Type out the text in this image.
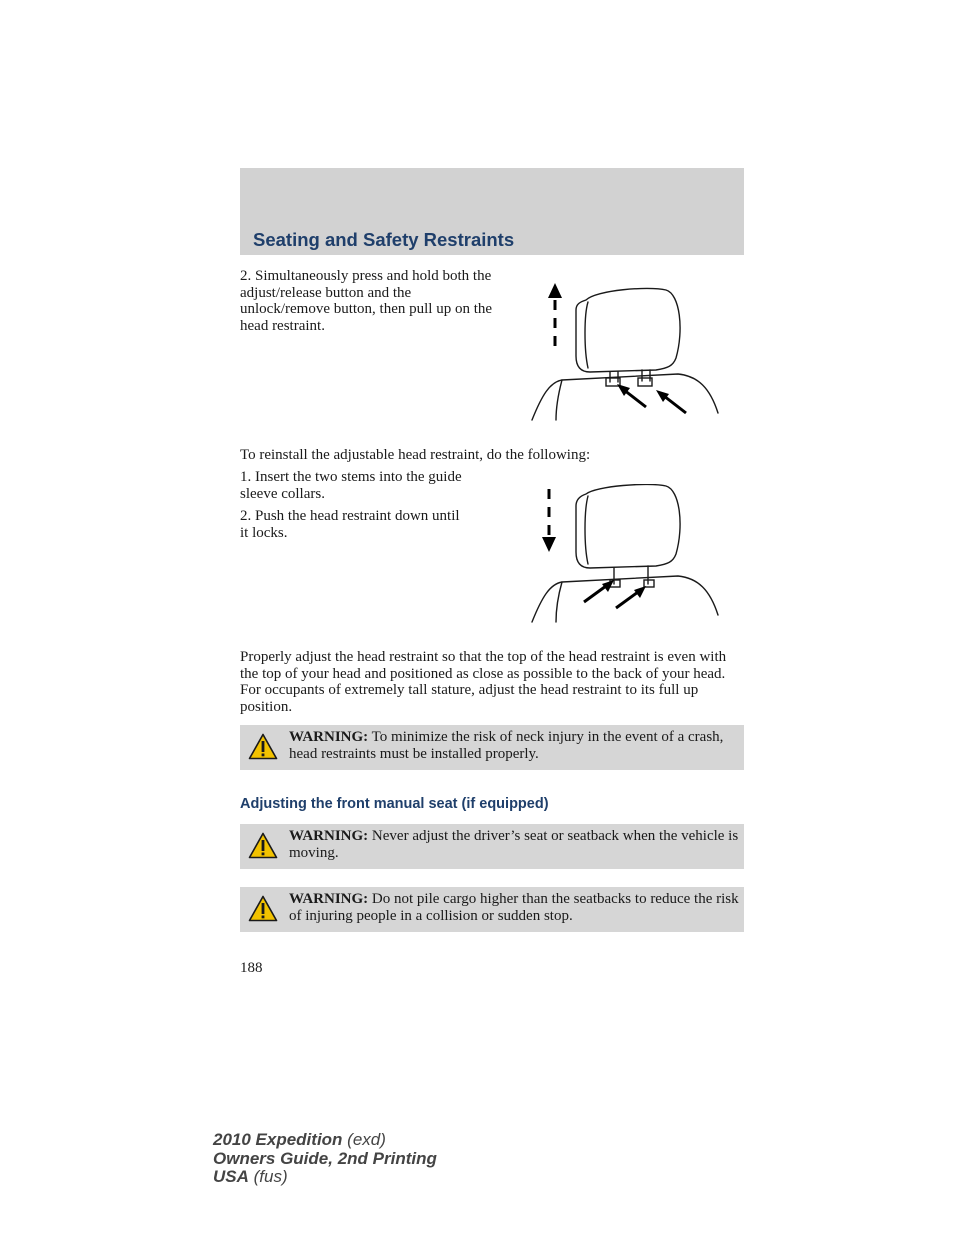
Seating and Safety Restraints
2. Simultaneously press and hold both the adjust/release button and the unlock/remove button, then pull up on the head restraint.
To reinstall the adjustable head restraint, do the following:
1. Insert the two stems into the guide sleeve collars.
2. Push the head restraint down until it locks.
Properly adjust the head restraint so that the top of the head restraint is even with the top of your head and positioned as close as possible to the back of your head. For occupants of extremely tall stature, adjust the head restraint to its full up position.
WARNING: To minimize the risk of neck injury in the event of a crash, head restraints must be installed properly.
Adjusting the front manual seat (if equipped)
WARNING: Never adjust the driver’s seat or seatback when the vehicle is moving.
WARNING: Do not pile cargo higher than the seatbacks to reduce the risk of injuring people in a collision or sudden stop.
188
2010 Expedition (exd)
Owners Guide, 2nd Printing
USA (fus)
